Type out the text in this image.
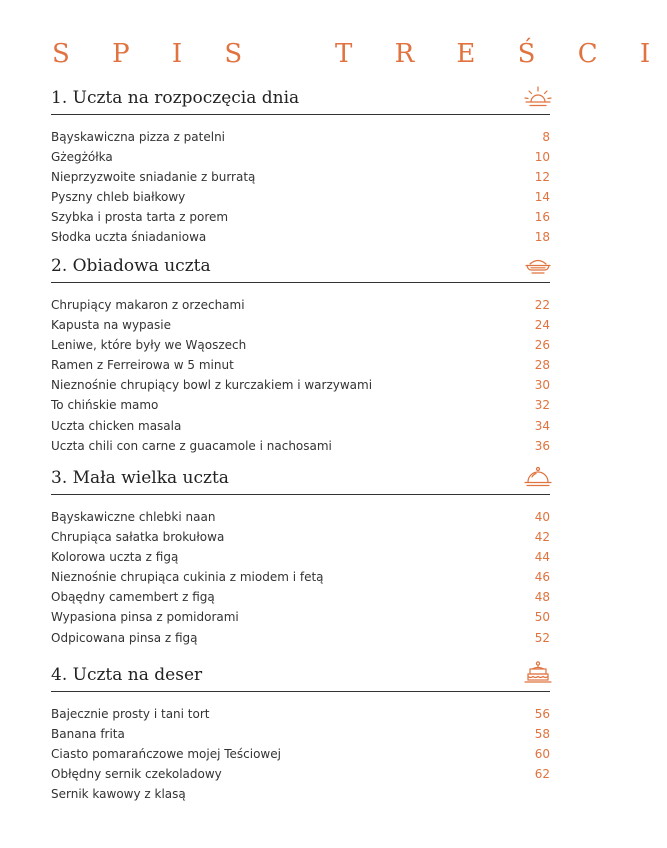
S P I S   T R E Ś C I
1. Uczta na rozpoczęcia dnia
Bąyskawiczna pizza z patelni	8
Gżegżółka	10
Nieprzyzwoite sniadanie z burratą	12
Pyszny chleb białkowy	14
Szybka i prosta tarta z porem	16
Słodka uczta śniadaniowa	18
2. Obiadowa uczta
Chrupiący makaron z orzechami	22
Kapusta na wypasie	24
Leniwe, które były we Wąoszech	26
Ramen z Ferreirowa w 5 minut	28
Nieznośnie chrupiący bowl z kurczakiem i warzywami	30
To chińskie mamo	32
Uczta chicken masala	34
Uczta chili con carne z guacamole i nachosami	36
3. Mała wielka uczta
Bąyskawiczne chlebki naan	40
Chrupiąca sałatka brokułowa	42
Kolorowa uczta z figą	44
Nieznośnie chrupiąca cukinia z miodem i fetą	46
Obąędny camembert z figą	48
Wypasiona pinsa z pomidorami	50
Odpicowana pinsa z figą	52
4. Uczta na deser
Bajecznie prosty i tani tort	56
Banana frita	58
Ciasto pomarańczowe mojej Teściowej	60
Obłędny sernik czekoladowy	62
Sernik kawowy z klasą
